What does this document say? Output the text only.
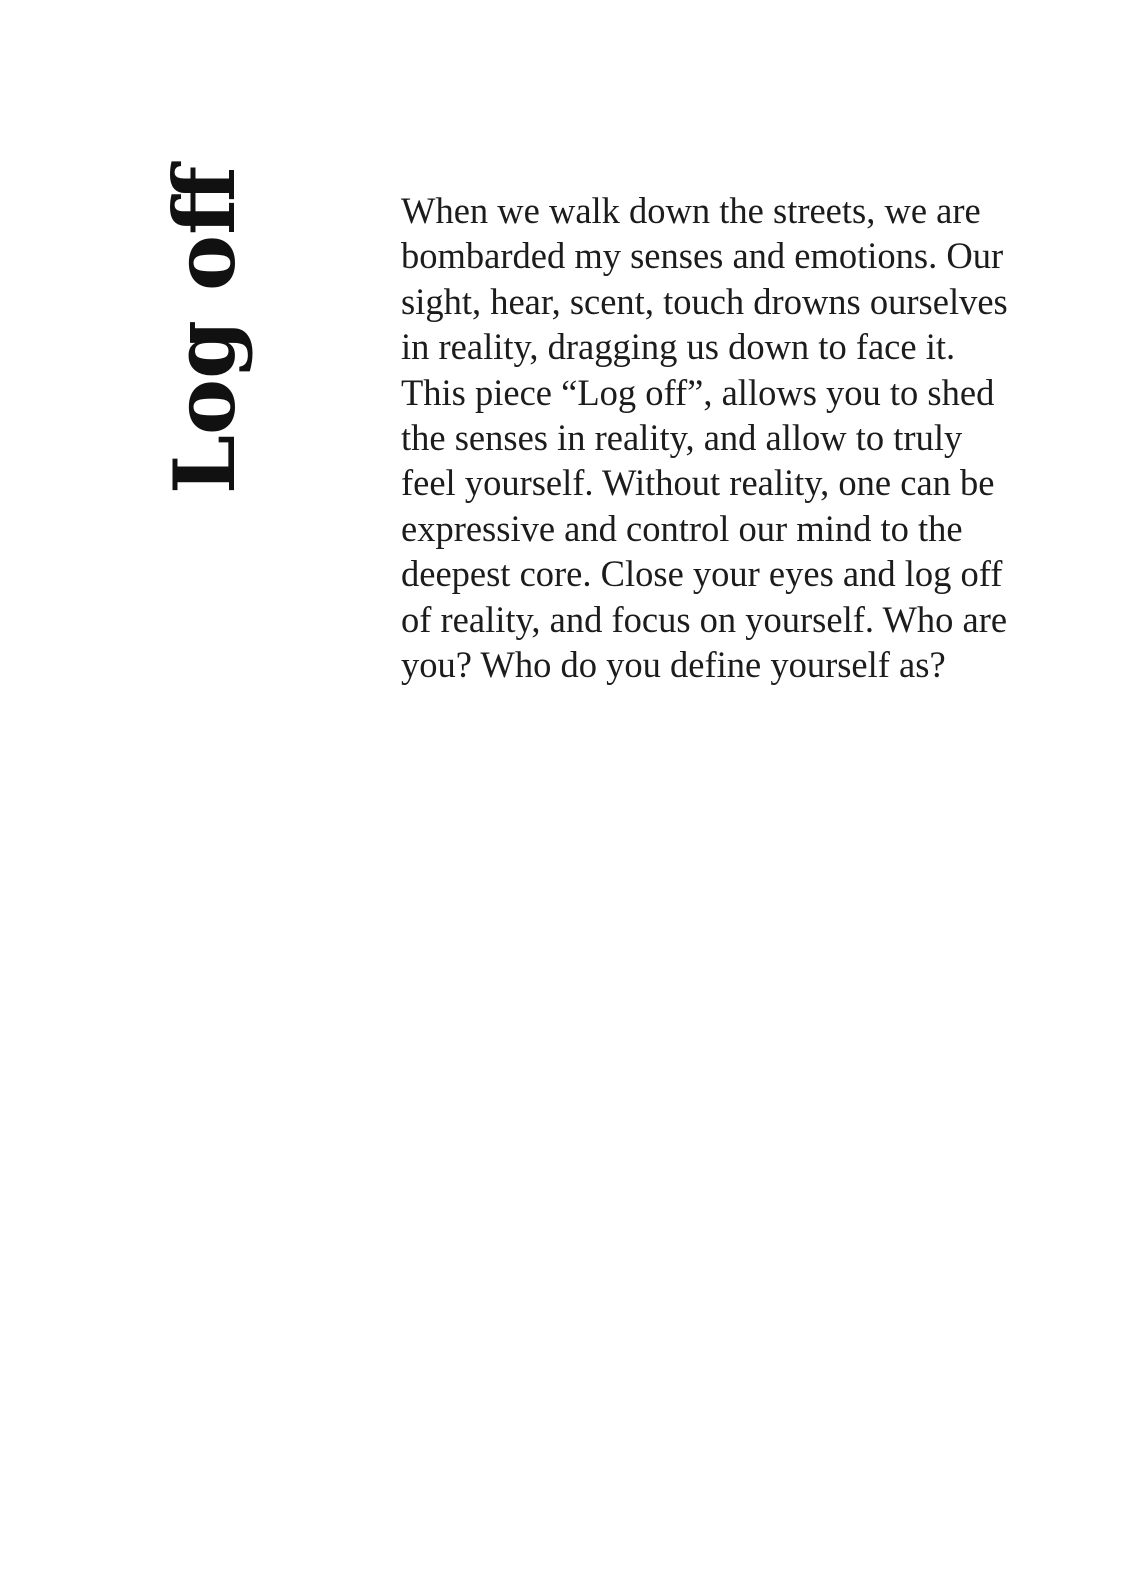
Log off	When we walk down the streets, we are
bombarded my senses and emotions. Our
sight, hear, scent, touch drowns ourselves
in reality, dragging us down to face it.
This piece “Log off”, allows you to shed
the senses in reality, and allow to truly
feel yourself. Without reality, one can be
expressive and control our mind to the
deepest core. Close your eyes and log off
of reality, and focus on yourself. Who are
you? Who do you define yourself as?
